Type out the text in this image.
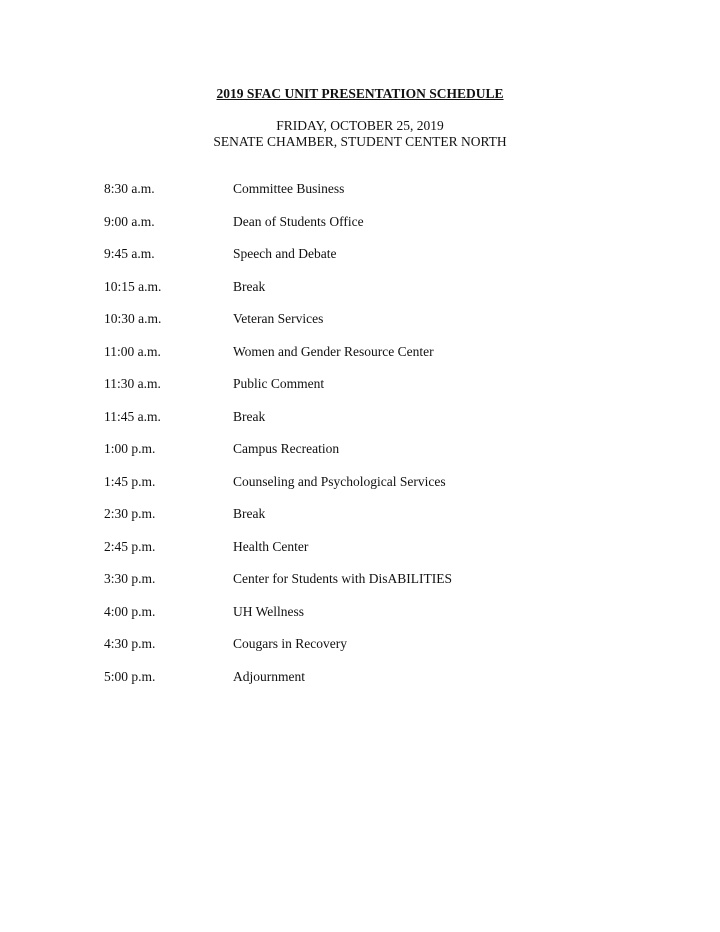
2019 SFAC UNIT PRESENTATION SCHEDULE
FRIDAY, OCTOBER 25, 2019
SENATE CHAMBER, STUDENT CENTER NORTH
8:30 a.m.	Committee Business
9:00 a.m.	Dean of Students Office
9:45 a.m.	Speech and Debate
10:15 a.m.	Break
10:30 a.m.	Veteran Services
11:00 a.m.	Women and Gender Resource Center
11:30 a.m.	Public Comment
11:45 a.m.	Break
1:00 p.m.	Campus Recreation
1:45 p.m.	Counseling and Psychological Services
2:30 p.m.	Break
2:45 p.m.	Health Center
3:30 p.m.	Center for Students with DisABILITIES
4:00 p.m.	UH Wellness
4:30 p.m.	Cougars in Recovery
5:00 p.m.	Adjournment
